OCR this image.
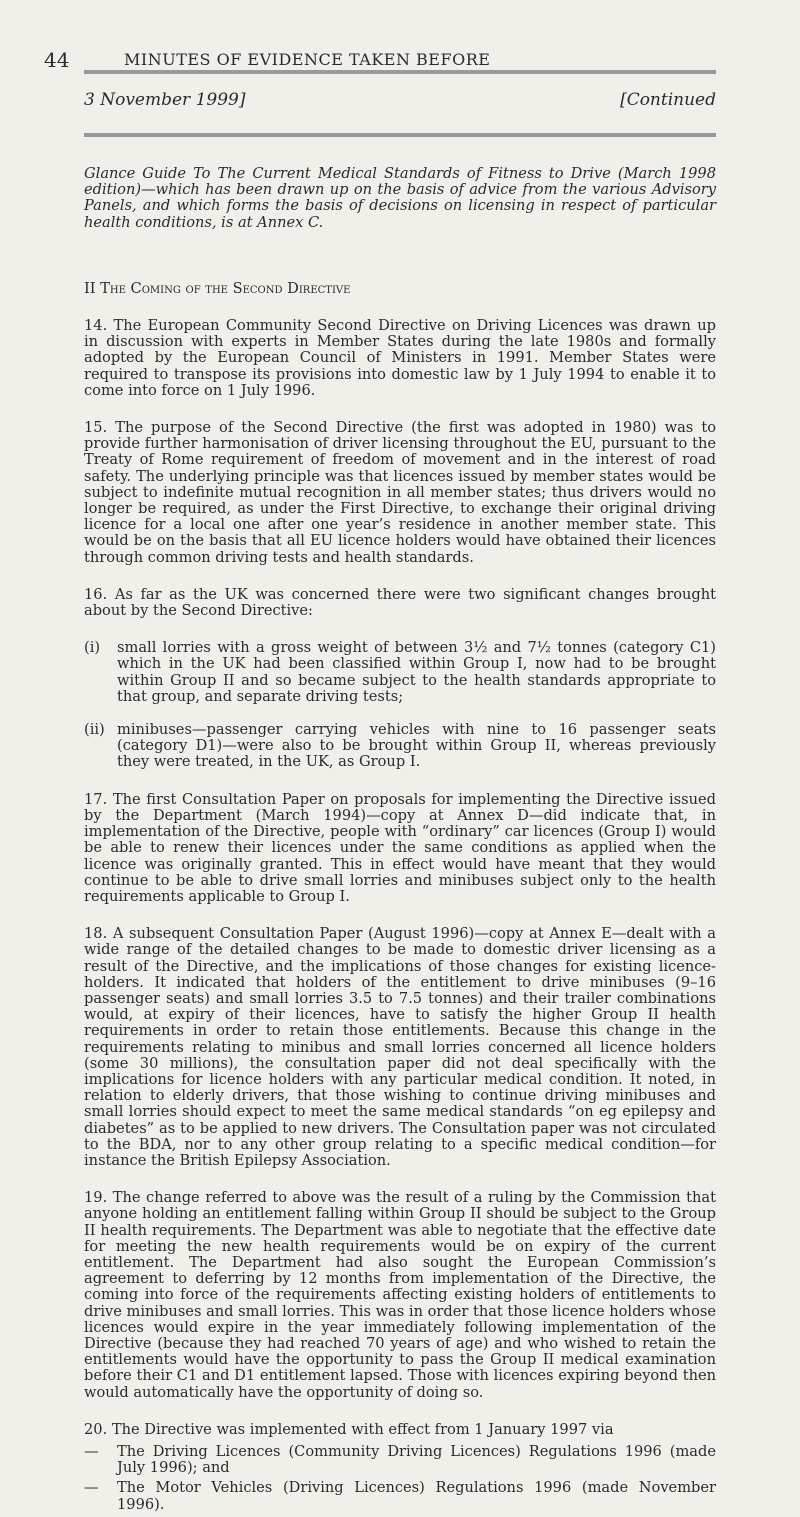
44	MINUTES OF EVIDENCE TAKEN BEFORE
3 November 1999]	[Continued

Glance Guide To The Current Medical Standards of Fitness to Drive (March 1998 edition)—which has been drawn up on the basis of advice from the various Advisory Panels, and which forms the basis of decisions on licensing in respect of particular health conditions, is at Annex C.

II The Coming of the Second Directive

14. The European Community Second Directive on Driving Licences was drawn up in discussion with experts in Member States during the late 1980s and formally adopted by the European Council of Ministers in 1991. Member States were required to transpose its provisions into domestic law by 1 July 1994 to enable it to come into force on 1 July 1996.

15. The purpose of the Second Directive (the first was adopted in 1980) was to provide further harmonisation of driver licensing throughout the EU, pursuant to the Treaty of Rome requirement of freedom of movement and in the interest of road safety. The underlying principle was that licences issued by member states would be subject to indefinite mutual recognition in all member states; thus drivers would no longer be required, as under the First Directive, to exchange their original driving licence for a local one after one year’s residence in another member state. This would be on the basis that all EU licence holders would have obtained their licences through common driving tests and health standards.

16. As far as the UK was concerned there were two significant changes brought about by the Second Directive:

(i) small lorries with a gross weight of between 3½ and 7½ tonnes (category C1) which in the UK had been classified within Group I, now had to be brought within Group II and so became subject to the health standards appropriate to that group, and separate driving tests;
(ii) minibuses—passenger carrying vehicles with nine to 16 passenger seats (category D1)—were also to be brought within Group II, whereas previously they were treated, in the UK, as Group I.

17. The first Consultation Paper on proposals for implementing the Directive issued by the Department (March 1994)—copy at Annex D—did indicate that, in implementation of the Directive, people with “ordinary” car licences (Group I) would be able to renew their licences under the same conditions as applied when the licence was originally granted. This in effect would have meant that they would continue to be able to drive small lorries and minibuses subject only to the health requirements applicable to Group I.

18. A subsequent Consultation Paper (August 1996)—copy at Annex E—dealt with a wide range of the detailed changes to be made to domestic driver licensing as a result of the Directive, and the implications of those changes for existing licence-holders. It indicated that holders of the entitlement to drive minibuses (9–16 passenger seats) and small lorries 3.5 to 7.5 tonnes) and their trailer combinations would, at expiry of their licences, have to satisfy the higher Group II health requirements in order to retain those entitlements. Because this change in the requirements relating to minibus and small lorries concerned all licence holders (some 30 millions), the consultation paper did not deal specifically with the implications for licence holders with any particular medical condition. It noted, in relation to elderly drivers, that those wishing to continue driving minibuses and small lorries should expect to meet the same medical standards “on eg epilepsy and diabetes” as to be applied to new drivers. The Consultation paper was not circulated to the BDA, nor to any other group relating to a specific medical condition—for instance the British Epilepsy Association.

19. The change referred to above was the result of a ruling by the Commission that anyone holding an entitlement falling within Group II should be subject to the Group II health requirements. The Department was able to negotiate that the effective date for meeting the new health requirements would be on expiry of the current entitlement. The Department had also sought the European Commission’s agreement to deferring by 12 months from implementation of the Directive, the coming into force of the requirements affecting existing holders of entitlements to drive minibuses and small lorries. This was in order that those licence holders whose licences would expire in the year immediately following implementation of the Directive (because they had reached 70 years of age) and who wished to retain the entitlements would have the opportunity to pass the Group II medical examination before their C1 and D1 entitlement lapsed. Those with licences expiring beyond then would automatically have the opportunity of doing so.

20. The Directive was implemented with effect from 1 January 1997 via

— The Driving Licences (Community Driving Licences) Regulations 1996 (made July 1996); and
— The Motor Vehicles (Driving Licences) Regulations 1996 (made November 1996).
